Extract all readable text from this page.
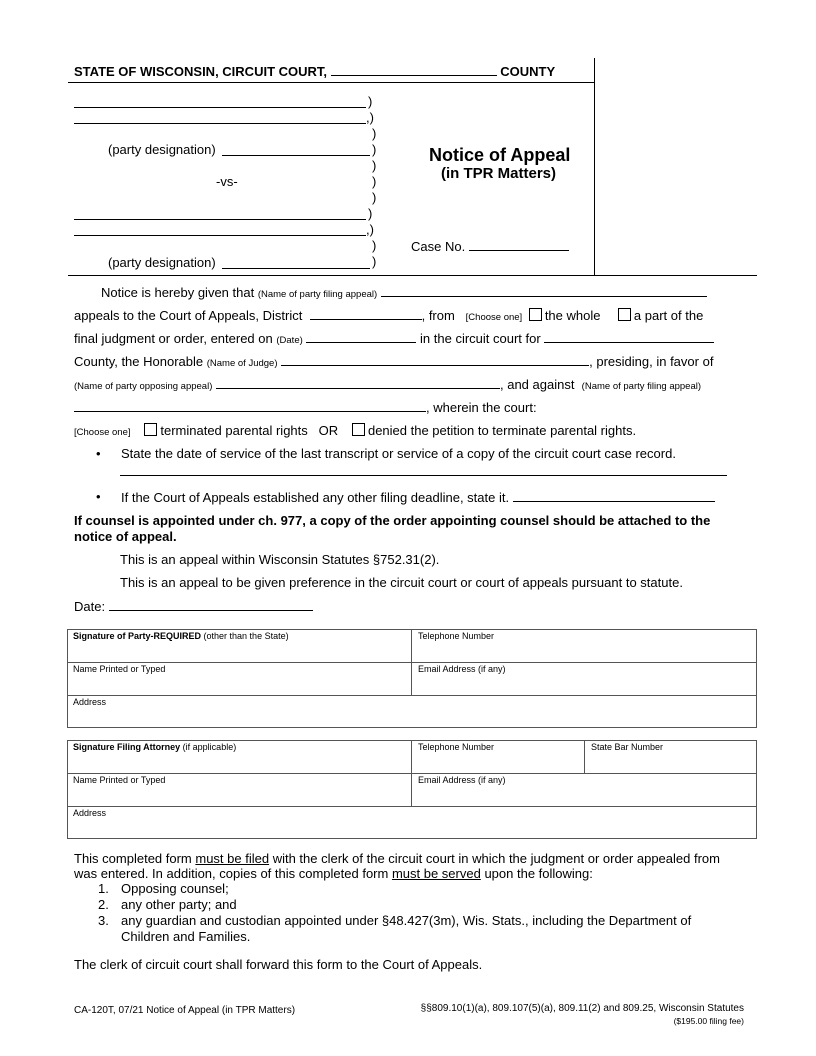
STATE OF WISCONSIN, CIRCUIT COURT,	COUNTY
(party designation)
(party designation)
-vs-
)
,)
)
)
)
)
)
)
,)
)
)
Notice of Appeal
(in TPR Matters)
Case No.
Notice is hereby given that (Name of party filing appeal)
appeals to the Court of Appeals, District	, from [Choose one] the whole	a part of the
final judgment or order, entered on (Date)	in the circuit court for
County, the Honorable (Name of Judge)	, presiding, in favor of
(Name of party opposing appeal)	, and against (Name of party filing appeal)
, wherein the court:
[Choose one] terminated parental rights OR denied the petition to terminate parental rights.
• State the date of service of the last transcript or service of a copy of the circuit court case record.
• If the Court of Appeals established any other filing deadline, state it.
If counsel is appointed under ch. 977, a copy of the order appointing counsel should be attached to the
notice of appeal.
This is an appeal within Wisconsin Statutes §752.31(2).
This is an appeal to be given preference in the circuit court or court of appeals pursuant to statute.
Date:
Signature of Party-REQUIRED (other than the State)	Telephone Number
Name Printed or Typed	Email Address (if any)
Address
Signature Filing Attorney (if applicable)	Telephone Number	State Bar Number
Name Printed or Typed	Email Address (if any)
Address
This completed form must be filed with the clerk of the circuit court in which the judgment or order appealed from
was entered. In addition, copies of this completed form must be served upon the following:
1. Opposing counsel;
2. any other party; and
3. any guardian and custodian appointed under §48.427(3m), Wis. Stats., including the Department of
Children and Families.
The clerk of circuit court shall forward this form to the Court of Appeals.
CA-120T, 07/21 Notice of Appeal (in TPR Matters)	§§809.10(1)(a), 809.107(5)(a), 809.11(2) and 809.25, Wisconsin Statutes
($195.00 filing fee)
